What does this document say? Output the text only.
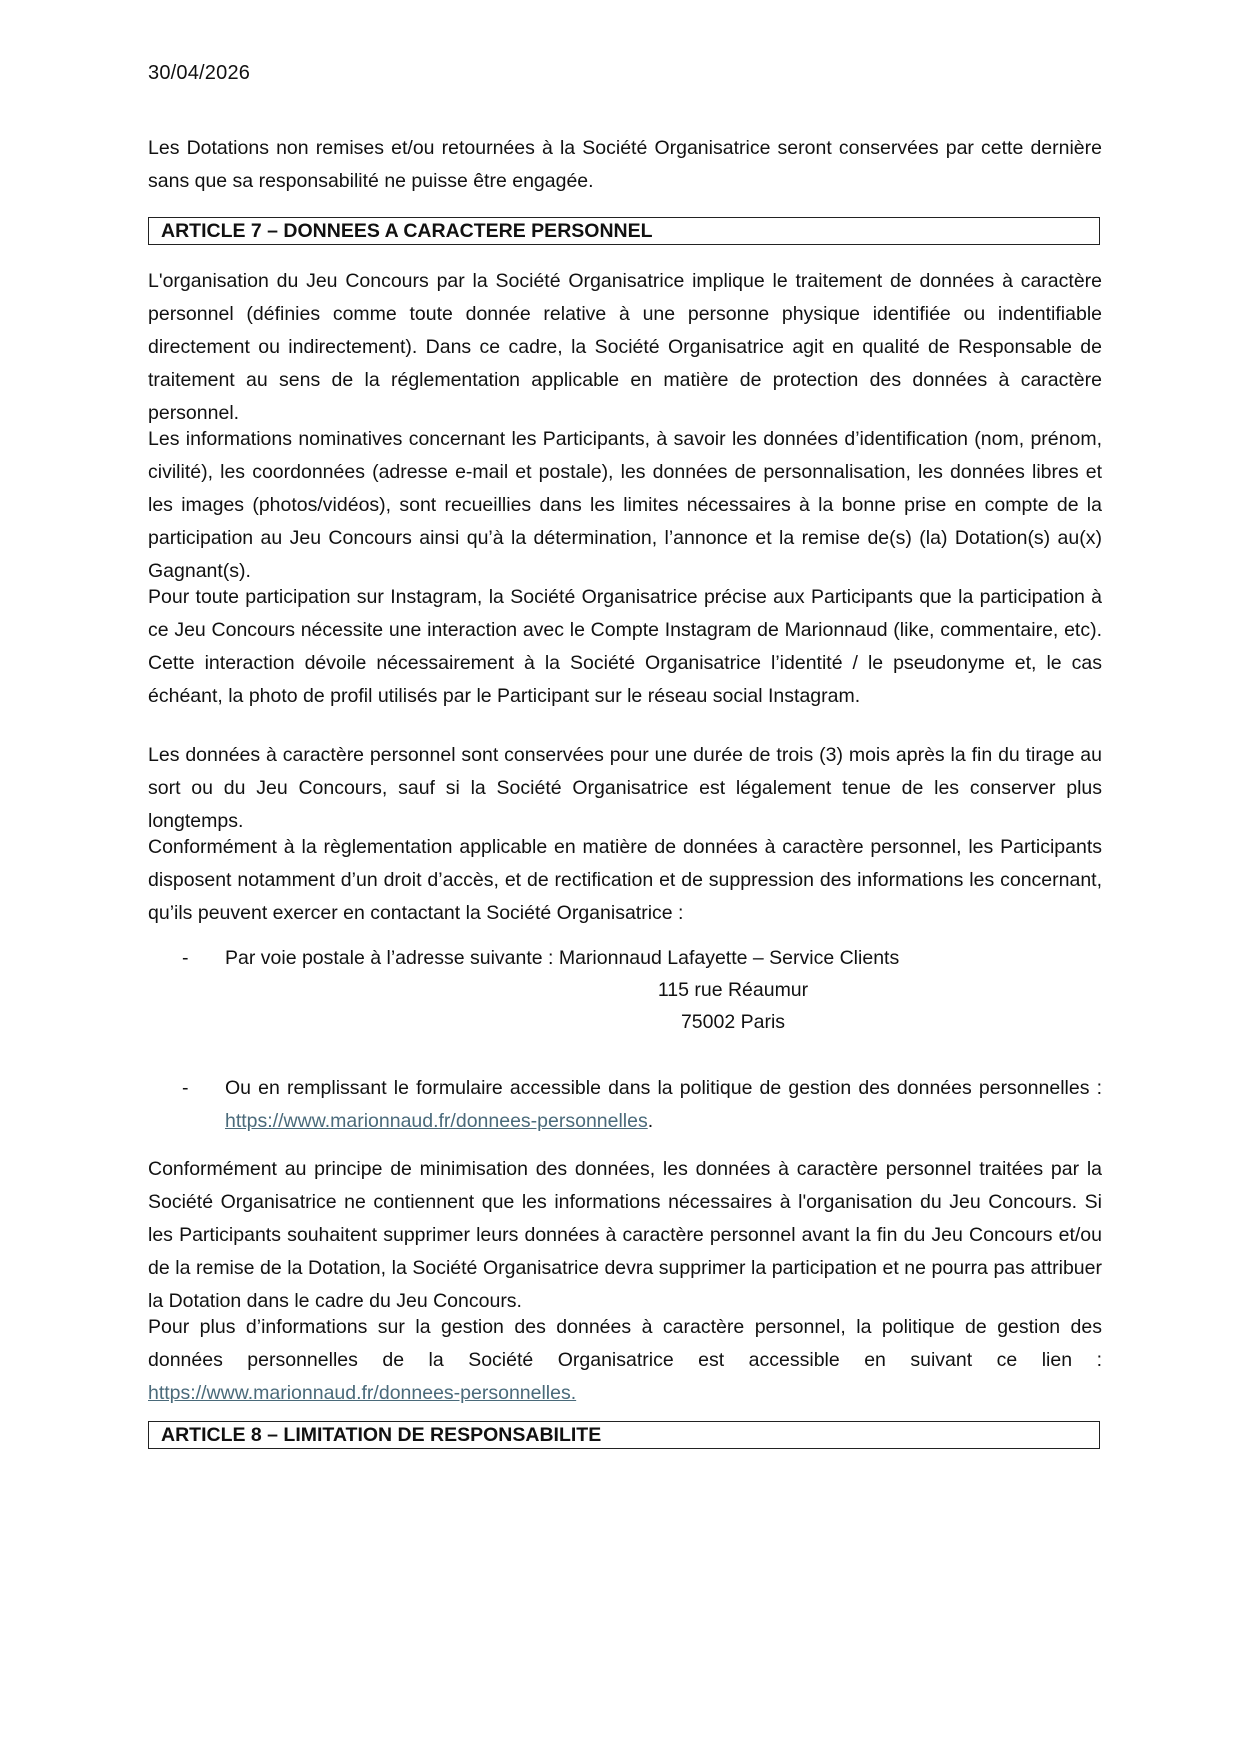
30/04/2026

Les Dotations non remises et/ou retournées à la Société Organisatrice seront conservées par cette dernière sans que sa responsabilité ne puisse être engagée.

ARTICLE 7 – DONNEES A CARACTERE PERSONNEL

L'organisation du Jeu Concours par la Société Organisatrice implique le traitement de données à caractère personnel (définies comme toute donnée relative à une personne physique identifiée ou indentifiable directement ou indirectement). Dans ce cadre, la Société Organisatrice agit en qualité de Responsable de traitement au sens de la réglementation applicable en matière de protection des données à caractère personnel.

Les informations nominatives concernant les Participants, à savoir les données d’identification (nom, prénom, civilité), les coordonnées (adresse e-mail et postale), les données de personnalisation, les données libres et les images (photos/vidéos), sont recueillies dans les limites nécessaires à la bonne prise en compte de la participation au Jeu Concours ainsi qu’à la détermination, l’annonce et la remise de(s) (la) Dotation(s) au(x) Gagnant(s).

Pour toute participation sur Instagram, la Société Organisatrice précise aux Participants que la participation à ce Jeu Concours nécessite une interaction avec le Compte Instagram de Marionnaud (like, commentaire, etc). Cette interaction dévoile nécessairement à la Société Organisatrice l’identité / le pseudonyme et, le cas échéant, la photo de profil utilisés par le Participant sur le réseau social Instagram.

Les données à caractère personnel sont conservées pour une durée de trois (3) mois après la fin du tirage au sort ou du Jeu Concours, sauf si la Société Organisatrice est légalement tenue de les conserver plus longtemps.

Conformément à la règlementation applicable en matière de données à caractère personnel, les Participants disposent notamment d’un droit d’accès, et de rectification et de suppression des informations les concernant, qu’ils peuvent exercer en contactant la Société Organisatrice :

- Par voie postale à l’adresse suivante : Marionnaud Lafayette – Service Clients

115 rue Réaumur
75002 Paris
- Ou en remplissant le formulaire accessible dans la politique de gestion des données personnelles : https://www.marionnaud.fr/donnees-personnelles.

Conformément au principe de minimisation des données, les données à caractère personnel traitées par la Société Organisatrice ne contiennent que les informations nécessaires à l'organisation du Jeu Concours. Si les Participants souhaitent supprimer leurs données à caractère personnel avant la fin du Jeu Concours et/ou de la remise de la Dotation, la Société Organisatrice devra supprimer la participation et ne pourra pas attribuer la Dotation dans le cadre du Jeu Concours.

Pour plus d’informations sur la gestion des données à caractère personnel, la politique de gestion des données personnelles de la Société Organisatrice est accessible en suivant ce lien : https://www.marionnaud.fr/donnees-personnelles.

ARTICLE 8 – LIMITATION DE RESPONSABILITE
